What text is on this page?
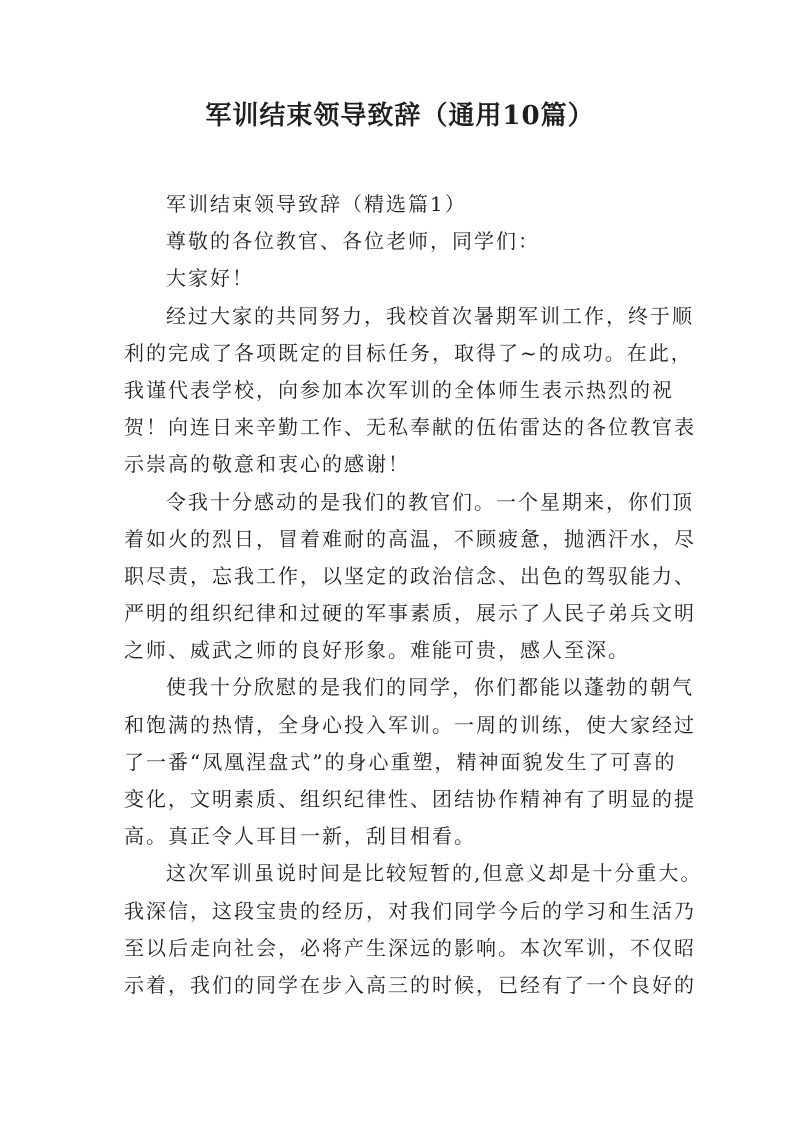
军训结束领导致辞（通用10篇）
军训结束领导致辞（精选篇1）
尊敬的各位教官、各位老师，同学们：
大家好！
经过大家的共同努力，我校首次暑期军训工作，终于顺
利的完成了各项既定的目标任务，取得了~的成功。在此，
我谨代表学校，向参加本次军训的全体师生表示热烈的祝
贺！向连日来辛勤工作、无私奉献的伍佑雷达的各位教官表
示崇高的敬意和衷心的感谢！
令我十分感动的是我们的教官们。一个星期来，你们顶
着如火的烈日，冒着难耐的高温，不顾疲惫，抛洒汗水，尽
职尽责，忘我工作，以坚定的政治信念、出色的驾驭能力、
严明的组织纪律和过硬的军事素质，展示了人民子弟兵文明
之师、威武之师的良好形象。难能可贵，感人至深。
使我十分欣慰的是我们的同学，你们都能以蓬勃的朝气
和饱满的热情，全身心投入军训。一周的训练，使大家经过
了一番“凤凰涅盘式”的身心重塑，精神面貌发生了可喜的
变化，文明素质、组织纪律性、团结协作精神有了明显的提
高。真正令人耳目一新，刮目相看。
这次军训虽说时间是比较短暂的,但意义却是十分重大。
我深信，这段宝贵的经历，对我们同学今后的学习和生活乃
至以后走向社会，必将产生深远的影响。本次军训，不仅昭
示着，我们的同学在步入高三的时候，已经有了一个良好的
